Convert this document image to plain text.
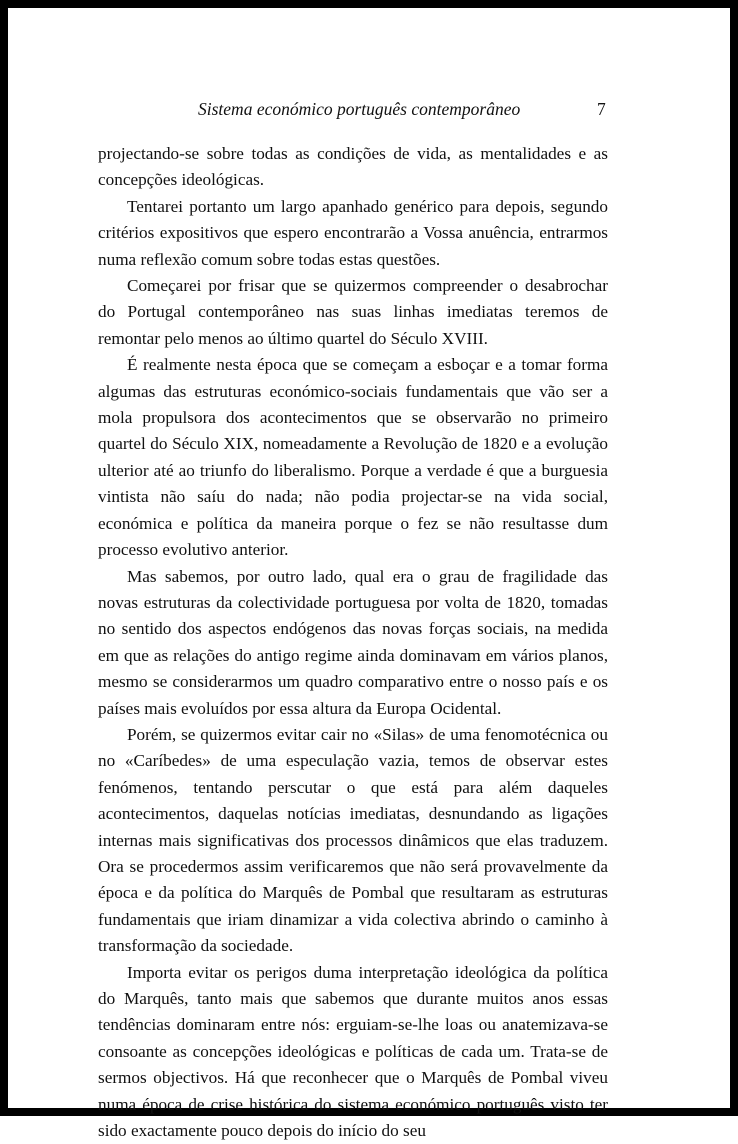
Sistema económico português contemporâneo	7

projectando-se sobre todas as condições de vida, as mentalidades e as concepções ideológicas.

Tentarei portanto um largo apanhado genérico para depois, segundo critérios expositivos que espero encontrarão a Vossa anuência, entrarmos numa reflexão comum sobre todas estas questões.

Começarei por frisar que se quizermos compreender o desabrochar do Portugal contemporâneo nas suas linhas imediatas teremos de remontar pelo menos ao último quartel do Século XVIII.

É realmente nesta época que se começam a esboçar e a tomar forma algumas das estruturas económico-sociais fundamentais que vão ser a mola propulsora dos acontecimentos que se observarão no primeiro quartel do Século XIX, nomeadamente a Revolução de 1820 e a evolução ulterior até ao triunfo do liberalismo. Porque a verdade é que a burguesia vintista não saíu do nada; não podia projectar-se na vida social, económica e política da maneira porque o fez se não resultasse dum processo evolutivo anterior.

Mas sabemos, por outro lado, qual era o grau de fragilidade das novas estruturas da colectividade portuguesa por volta de 1820, tomadas no sentido dos aspectos endógenos das novas forças sociais, na medida em que as relações do antigo regime ainda dominavam em vários planos, mesmo se considerarmos um quadro comparativo entre o nosso país e os países mais evoluídos por essa altura da Europa Ocidental.

Porém, se quizermos evitar cair no «Silas» de uma fenomotécnica ou no «Caríbedes» de uma especulação vazia, temos de observar estes fenómenos, tentando perscutar o que está para além daqueles acontecimentos, daquelas notícias imediatas, desnundando as ligações internas mais significativas dos processos dinâmicos que elas traduzem. Ora se procedermos assim verificaremos que não será provavelmente da época e da política do Marquês de Pombal que resultaram as estruturas fundamentais que iriam dinamizar a vida colectiva abrindo o caminho à transformação da sociedade.

Importa evitar os perigos duma interpretação ideológica da política do Marquês, tanto mais que sabemos que durante muitos anos essas tendências dominaram entre nós: erguiam-se-lhe loas ou anatemizava-se consoante as concepções ideológicas e políticas de cada um. Trata-se de sermos objectivos. Há que reconhecer que o Marquês de Pombal viveu numa época de crise histórica do sistema económico português visto ter sido exactamente pouco depois do início do seu
